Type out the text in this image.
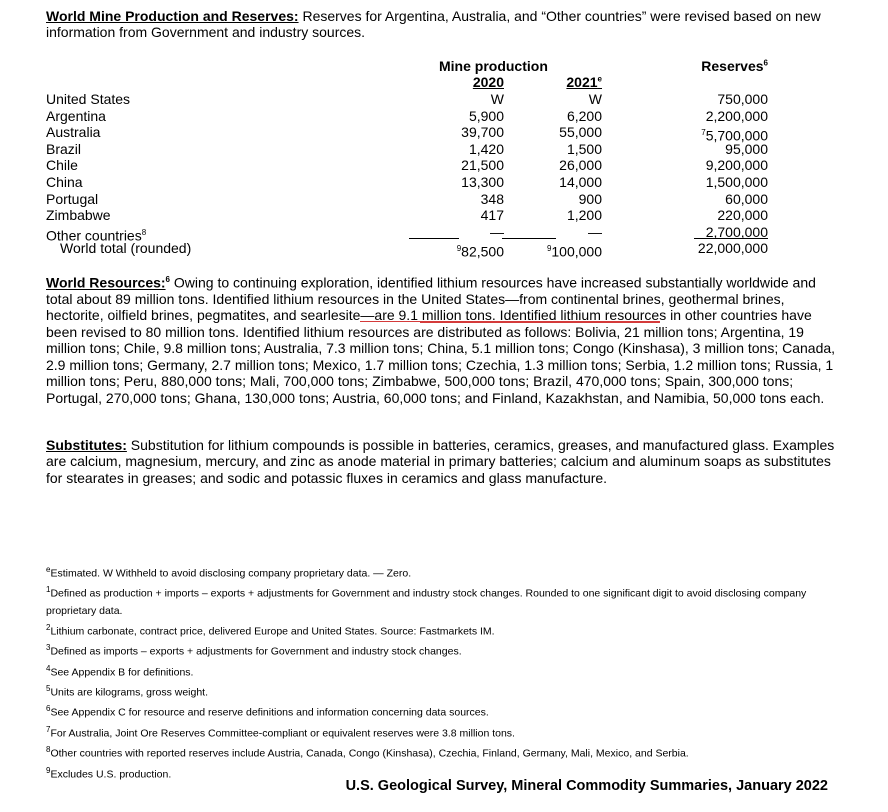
World Mine Production and Reserves: Reserves for Argentina, Australia, and “Other countries” were revised based on new information from Government and industry sources.
Mine production	Reserves$^6$
2020	2021e
United States	W	W	750,000
Argentina	5,900	6,200	2,200,000
Australia	39,700	55,000	$^7$5,700,000
Brazil	1,420	1,500	95,000
Chile	21,500	26,000	9,200,000
China	13,300	14,000	1,500,000
Portugal	348	900	60,000
Zimbabwe	417	1,200	220,000
Other countries$^8$	—	—	2,700,000
World total (rounded)	$^9$82,500	$^9$100,000	22,000,000
World Resources:$^6$ Owing to continuing exploration, identified lithium resources have increased substantially worldwide and total about 89 million tons. Identified lithium resources in the United States—from continental brines, geothermal brines, hectorite, oilfield brines, pegmatites, and searlesite—are 9.1 million tons. Identified lithium resources in other countries have been revised to 80 million tons. Identified lithium resources are distributed as follows: Bolivia, 21 million tons; Argentina, 19 million tons; Chile, 9.8 million tons; Australia, 7.3 million tons; China, 5.1 million tons; Congo (Kinshasa), 3 million tons; Canada, 2.9 million tons; Germany, 2.7 million tons; Mexico, 1.7 million tons; Czechia, 1.3 million tons; Serbia, 1.2 million tons; Russia, 1 million tons; Peru, 880,000 tons; Mali, 700,000 tons; Zimbabwe, 500,000 tons; Brazil, 470,000 tons; Spain, 300,000 tons; Portugal, 270,000 tons; Ghana, 130,000 tons; Austria, 60,000 tons; and Finland, Kazakhstan, and Namibia, 50,000 tons each.
Substitutes: Substitution for lithium compounds is possible in batteries, ceramics, greases, and manufactured glass. Examples are calcium, magnesium, mercury, and zinc as anode material in primary batteries; calcium and aluminum soaps as substitutes for stearates in greases; and sodic and potassic fluxes in ceramics and glass manufacture.
$^e$Estimated. W Withheld to avoid disclosing company proprietary data. — Zero.
$^1$Defined as production + imports – exports + adjustments for Government and industry stock changes. Rounded to one significant digit to avoid disclosing company proprietary data.
$^2$Lithium carbonate, contract price, delivered Europe and United States. Source: Fastmarkets IM.
$^3$Defined as imports – exports + adjustments for Government and industry stock changes.
$^4$See Appendix B for definitions.
$^5$Units are kilograms, gross weight.
$^6$See Appendix C for resource and reserve definitions and information concerning data sources.
$^7$For Australia, Joint Ore Reserves Committee-compliant or equivalent reserves were 3.8 million tons.
$^8$Other countries with reported reserves include Austria, Canada, Congo (Kinshasa), Czechia, Finland, Germany, Mali, Mexico, and Serbia.
$^9$Excludes U.S. production.
U.S. Geological Survey, Mineral Commodity Summaries, January 2022
